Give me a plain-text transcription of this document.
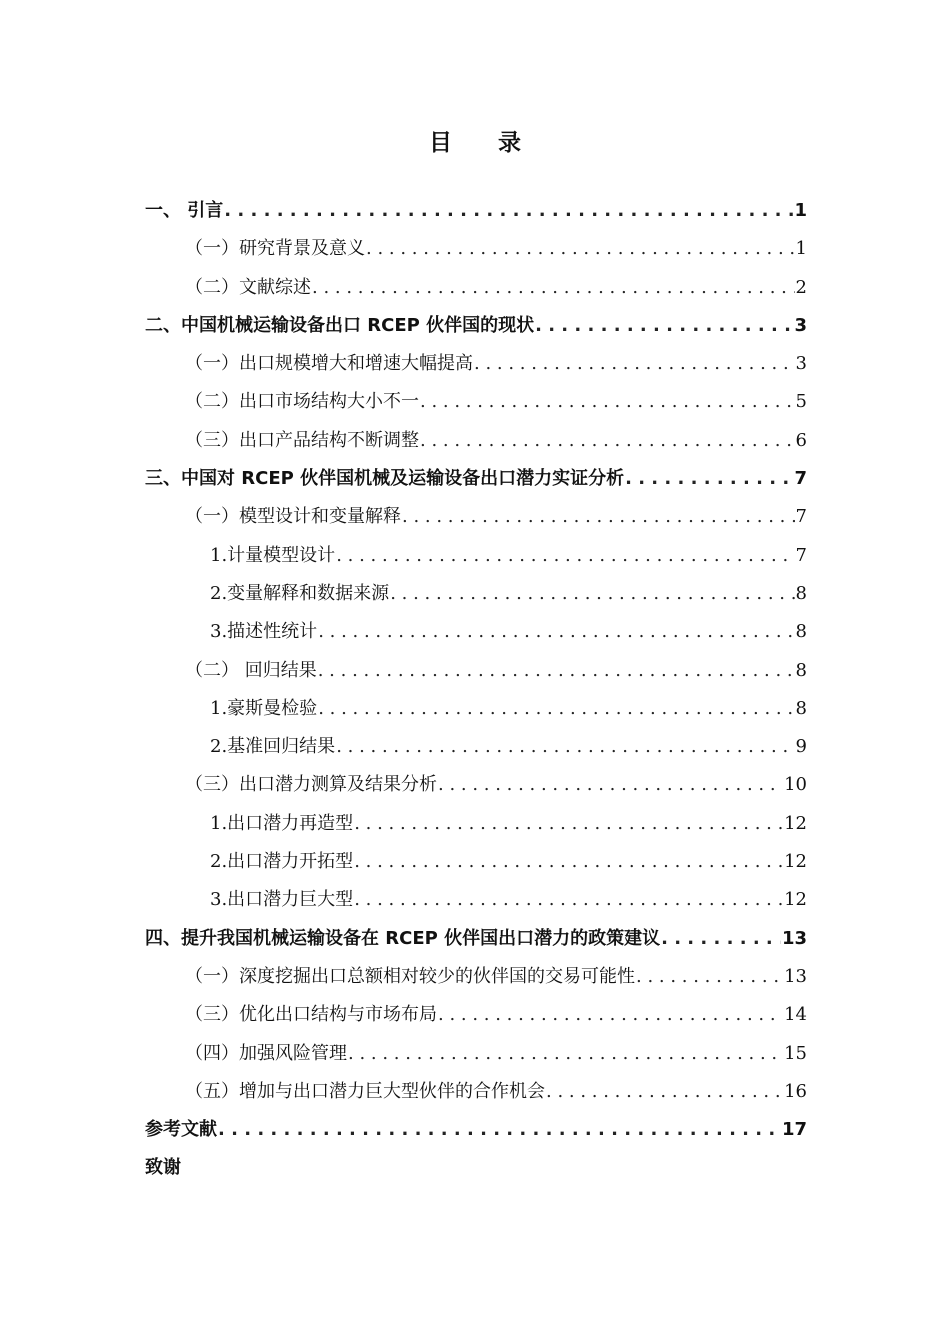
目 录
一、 引言 . . .	1
（一）研究背景及意义 . . .	1
（二）文献综述 . . .	2
二、中国机械运输设备出口 RCEP 伙伴国的现状 . . .	3
（一）出口规模增大和增速大幅提高 . . .	3
（二）出口市场结构大小不一 . . .	5
（三）出口产品结构不断调整 . . .	6
三、中国对 RCEP 伙伴国机械及运输设备出口潜力实证分析 . . .	7
（一）模型设计和变量解释 . . .	7
1.计量模型设计 . . .	7
2.变量解释和数据来源 . . .	8
3.描述性统计 . . .	8
（二） 回归结果 . . .	8
1.豪斯曼检验 . . .	8
2.基准回归结果 . . .	9
（三）出口潜力测算及结果分析 . . .	10
1.出口潜力再造型 . . .	12
2.出口潜力开拓型 . . .	12
3.出口潜力巨大型 . . .	12
四、提升我国机械运输设备在 RCEP 伙伴国出口潜力的政策建议 . . .	13
（一）深度挖掘出口总额相对较少的伙伴国的交易可能性 . . .	13
（三）优化出口结构与市场布局 . . .	14
（四）加强风险管理 . . .	15
（五）增加与出口潜力巨大型伙伴的合作机会 . . .	16
参考文献 . . .	17
致谢
